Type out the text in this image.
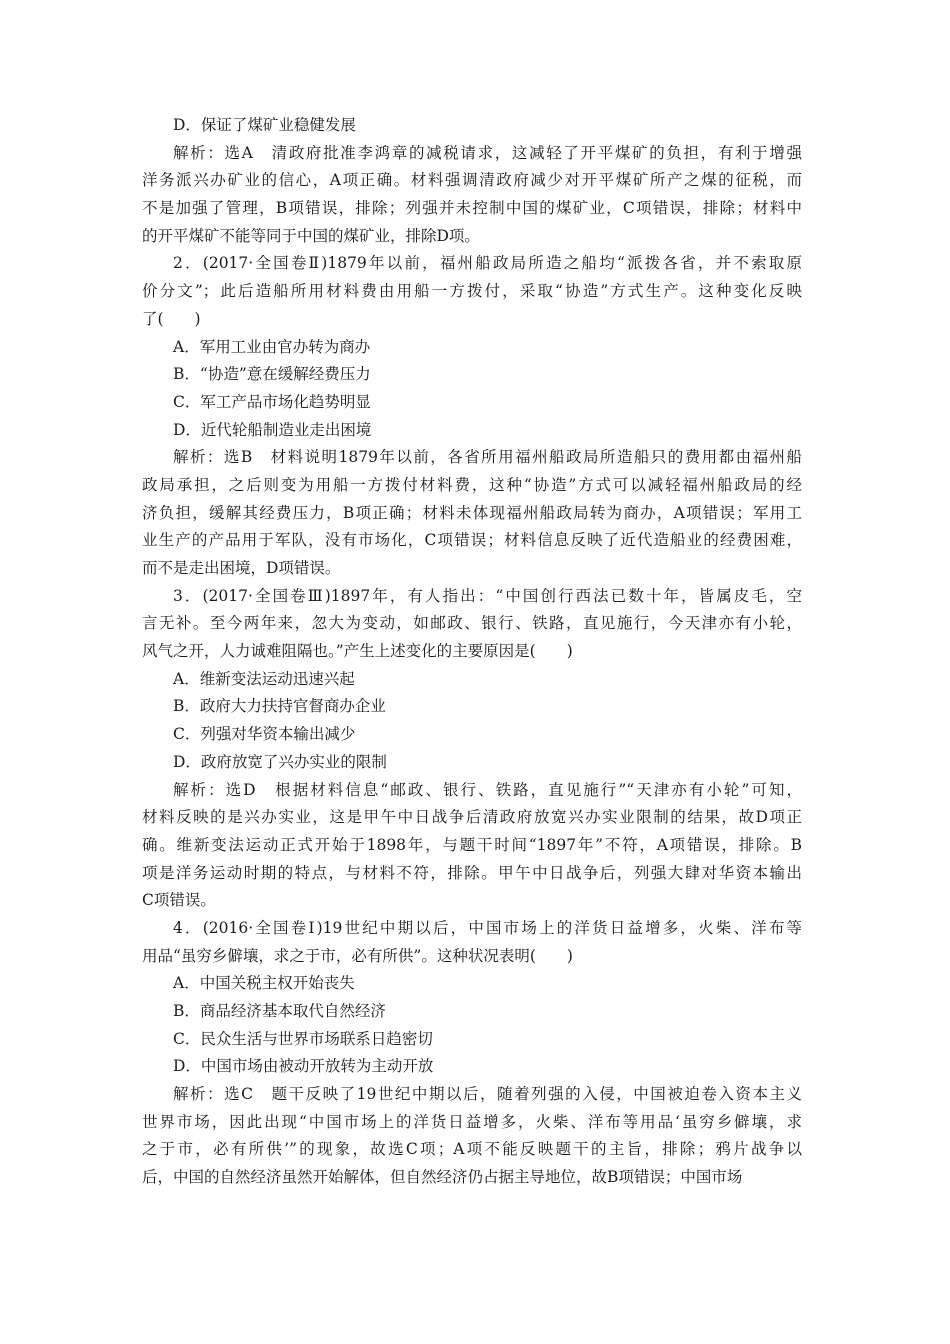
D．保证了煤矿业稳健发展
解析：选A　清政府批准李鸿章的减税请求，这减轻了开平煤矿的负担，有利于增强
洋务派兴办矿业的信心，A项正确。材料强调清政府减少对开平煤矿所产之煤的征税，而
不是加强了管理，B项错误，排除；列强并未控制中国的煤矿业，C项错误，排除；材料中
的开平煤矿不能等同于中国的煤矿业，排除D项。
2．(2017·全国卷Ⅱ)1879年以前，福州船政局所造之船均“派拨各省，并不索取原
价分文”；此后造船所用材料费由用船一方拨付，采取“协造”方式生产。这种变化反映
了(　　)
A．军用工业由官办转为商办
B．“协造”意在缓解经费压力
C．军工产品市场化趋势明显
D．近代轮船制造业走出困境
解析：选B　材料说明1879年以前，各省所用福州船政局所造船只的费用都由福州船
政局承担，之后则变为用船一方拨付材料费，这种“协造”方式可以减轻福州船政局的经
济负担，缓解其经费压力，B项正确；材料未体现福州船政局转为商办，A项错误；军用工
业生产的产品用于军队，没有市场化，C项错误；材料信息反映了近代造船业的经费困难，
而不是走出困境，D项错误。
3．(2017·全国卷Ⅲ)1897年，有人指出：“中国创行西法已数十年，皆属皮毛，空
言无补。至今两年来，忽大为变动，如邮政、银行、铁路，直见施行，今天津亦有小轮，
风气之开，人力诚难阻隔也。”产生上述变化的主要原因是(　　)
A．维新变法运动迅速兴起
B．政府大力扶持官督商办企业
C．列强对华资本输出减少
D．政府放宽了兴办实业的限制
解析：选D　根据材料信息“邮政、银行、铁路，直见施行”“天津亦有小轮”可知，
材料反映的是兴办实业，这是甲午中日战争后清政府放宽兴办实业限制的结果，故D项正
确。维新变法运动正式开始于1898年，与题干时间“1897年”不符，A项错误，排除。B
项是洋务运动时期的特点，与材料不符，排除。甲午中日战争后，列强大肆对华资本输出
C项错误。
4．(2016·全国卷Ⅰ)19世纪中期以后，中国市场上的洋货日益增多，火柴、洋布等
用品“虽穷乡僻壤，求之于市，必有所供”。这种状况表明(　　)
A．中国关税主权开始丧失
B．商品经济基本取代自然经济
C．民众生活与世界市场联系日趋密切
D．中国市场由被动开放转为主动开放
解析：选C　题干反映了19世纪中期以后，随着列强的入侵，中国被迫卷入资本主义
世界市场，因此出现“中国市场上的洋货日益增多，火柴、洋布等用品‘虽穷乡僻壤，求
之于市，必有所供’”的现象，故选C项；A项不能反映题干的主旨，排除；鸦片战争以
后，中国的自然经济虽然开始解体，但自然经济仍占据主导地位，故B项错误；中国市场
